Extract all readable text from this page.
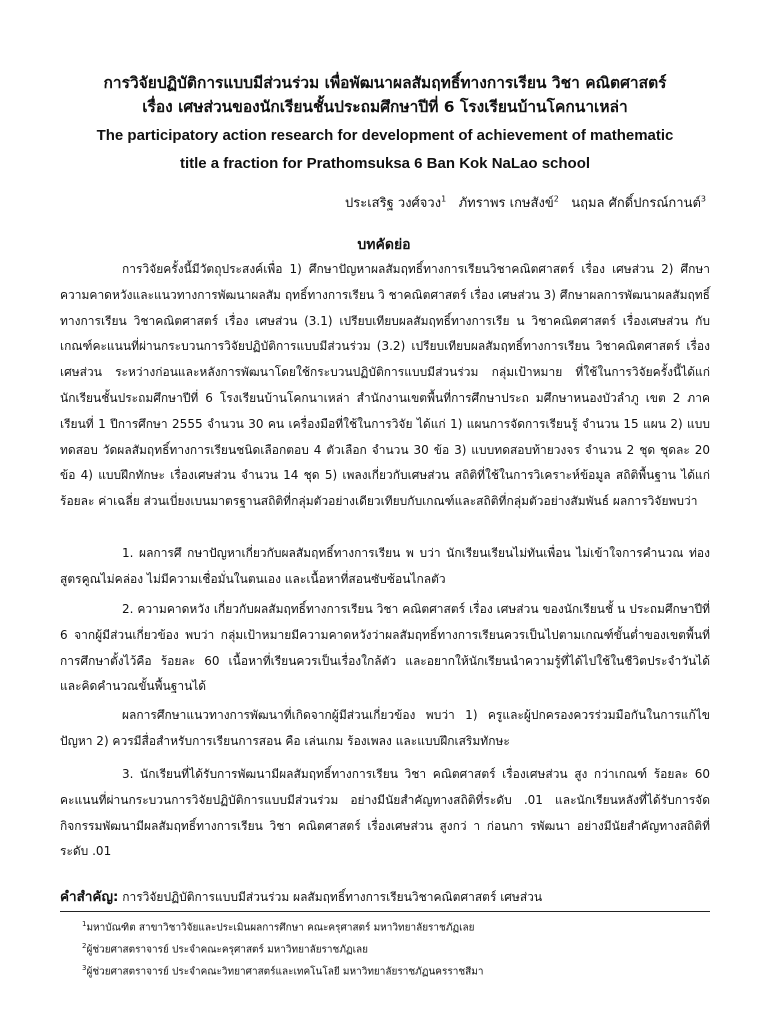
การวิจัยปฏิบัติการแบบมีส่วนร่วม เพื่อพัฒนาผลสัมฤทธิ์ทางการเรียน วิชา คณิตศาสตร์
เรื่อง เศษส่วนของนักเรียนชั้นประถมศึกษาปีที่ 6 โรงเรียนบ้านโคกนาเหล่า
The participatory action research for development of achievement of mathematic
title a fraction for Prathomsuksa 6 Ban Kok NaLao school
ประเสริฐ วงศ์จวง$^1$ ภัทราพร เกษสังข์$^2$ นฤมล ศักดิ์ปกรณ์กานต์$^3$
บทคัดย่อ

การวิจัยครั้งนี้มีวัตถุประสงค์เพื่อ 1) ศึกษาปัญหาผลสัมฤทธิ์ทางการเรียนวิชาคณิตศาสตร์ เรื่อง เศษส่วน 2) ศึกษาความคาดหวังและแนวทางการพัฒนาผลสัม ฤทธิ์ทางการเรียน วิ ชาคณิตศาสตร์ เรื่อง เศษส่วน 3) ศึกษาผลการพัฒนาผลสัมฤทธิ์ทางการเรียน วิชาคณิตศาสตร์ เรื่อง เศษส่วน (3.1) เปรียบเทียบผลสัมฤทธิ์ทางการเรีย น วิชาคณิตศาสตร์ เรื่องเศษส่วน กับเกณฑ์คะแนนที่ผ่านกระบวนการวิจัยปฏิบัติการแบบมีส่วนร่วม (3.2) เปรียบเทียบผลสัมฤทธิ์ทางการเรียน วิชาคณิตศาสตร์ เรื่อง เศษส่วน ระหว่างก่อนและหลังการพัฒนาโดยใช้กระบวนปฏิบัติการแบบมีส่วนร่วม กลุ่มเป้าหมาย ที่ใช้ในการวิจัยครั้งนี้ได้แก่ นักเรียนชั้นประถมศึกษาปีที่ 6 โรงเรียนบ้านโคกนาเหล่า สำนักงานเขตพื้นที่การศึกษาประถ มศึกษาหนองบัวลำภู เขต 2 ภาคเรียนที่ 1 ปีการศึกษา 2555 จำนวน 30 คน เครื่องมือที่ใช้ในการวิจัย ได้แก่ 1) แผนการจัดการเรียนรู้ จำนวน 15 แผน 2) แบบทดสอบ วัดผลสัมฤทธิ์ทางการเรียนชนิดเลือกตอบ 4 ตัวเลือก จำนวน 30 ข้อ 3) แบบทดสอบท้ายวงจร จำนวน 2 ชุด ชุดละ 20 ข้อ 4) แบบฝึกทักษะ เรื่องเศษส่วน จำนวน 14 ชุด 5) เพลงเกี่ยวกับเศษส่วน สถิติที่ใช้ในการวิเคราะห์ข้อมูล สถิติพื้นฐาน ได้แก่ ร้อยละ ค่าเฉลี่ย ส่วนเบี่ยงเบนมาตรฐานสถิติที่กลุ่มตัวอย่างเดียวเทียบกับเกณฑ์และสถิติที่กลุ่มตัวอย่างสัมพันธ์ ผลการวิจัยพบว่า

1. ผลการศึ กษาปัญหาเกี่ยวกับผลสัมฤทธิ์ทางการเรียน พ บว่า นักเรียนเรียนไม่ทันเพื่อน ไม่เข้าใจการคำนวณ ท่องสูตรคูณไม่คล่อง ไม่มีความเชื่อมั่นในตนเอง และเนื้อหาที่สอนซับซ้อนไกลตัว

2. ความคาดหวัง เกี่ยวกับผลสัมฤทธิ์ทางการเรียน วิชา คณิตศาสตร์ เรื่อง เศษส่วน ของนักเรียนชั้ น ประถมศึกษาปีที่ 6 จากผู้มีส่วนเกี่ยวข้อง พบว่า กลุ่มเป้าหมายมีความคาดหวังว่าผลสัมฤทธิ์ทางการเรียนควรเป็นไปตามเกณฑ์ขั้นต่ำของเขตพื้นที่การศึกษาตั้งไว้คือ ร้อยละ 60 เนื้อหาที่เรียนควรเป็นเรื่องใกล้ตัว และอยากให้นักเรียนนำความรู้ที่ได้ไปใช้ในชีวิตประจำวันได้ และคิดคำนวณขั้นพื้นฐานได้

ผลการศึกษาแนวทางการพัฒนาที่เกิดจากผู้มีส่วนเกี่ยวข้อง พบว่า 1) ครูและผู้ปกครองควรร่วมมือกันในการแก้ไขปัญหา 2) ควรมีสื่อสำหรับการเรียนการสอน คือ เล่นเกม ร้องเพลง และแบบฝึกเสริมทักษะ

3. นักเรียนที่ได้รับการพัฒนามีผลสัมฤทธิ์ทางการเรียน วิชา คณิตศาสตร์ เรื่องเศษส่วน สูง กว่าเกณฑ์ ร้อยละ 60 คะแนนที่ผ่านกระบวนการวิจัยปฏิบัติการแบบมีส่วนร่วม อย่างมีนัยสำคัญทางสถิติที่ระดับ .01 และนักเรียนหลังที่ได้รับการจัดกิจกรรมพัฒนามีผลสัมฤทธิ์ทางการเรียน วิชา คณิตศาสตร์ เรื่องเศษส่วน สูงกว่ า ก่อนกา รพัฒนา อย่างมีนัยสำคัญทางสถิติที่ระดับ .01

คำสำคัญ: การวิจัยปฏิบัติการแบบมีส่วนร่วม ผลสัมฤทธิ์ทางการเรียนวิชาคณิตศาสตร์ เศษส่วน
$^1$มหาบัณฑิต สาขาวิชาวิจัยและประเมินผลการศึกษา คณะครุศาสตร์ มหาวิทยาลัยราชภัฏเลย
$^2$ผู้ช่วยศาสตราจารย์ ประจำคณะครุศาสตร์ มหาวิทยาลัยราชภัฏเลย
$^3$ผู้ช่วยศาสตราจารย์ ประจำคณะวิทยาศาสตร์และเทคโนโลยี มหาวิทยาลัยราชภัฏนครราชสีมา
